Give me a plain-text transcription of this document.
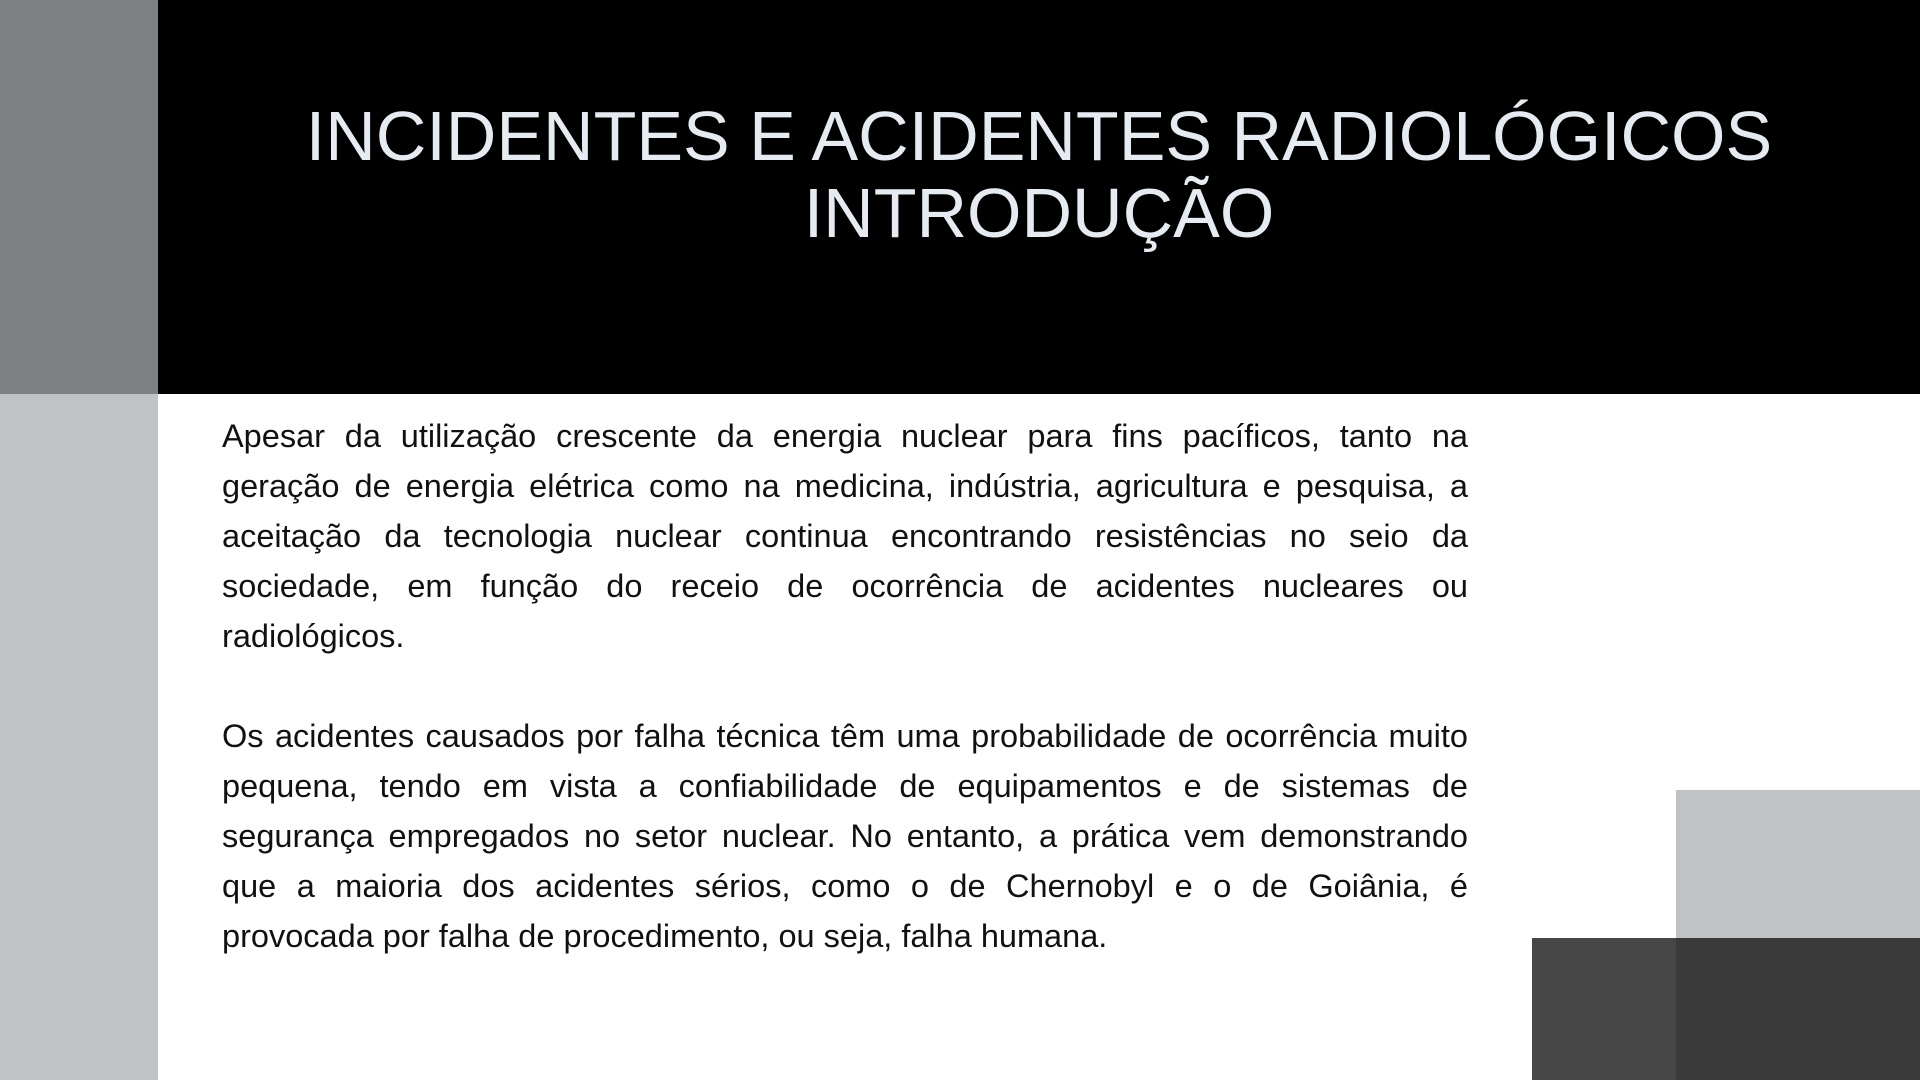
INCIDENTES E ACIDENTES RADIOLÓGICOS
INTRODUÇÃO

Apesar da utilização crescente da energia nuclear para fins pacíficos, tanto na geração de energia elétrica como na medicina, indústria, agricultura e pesquisa, a aceitação da tecnologia nuclear continua encontrando resistências no seio da sociedade, em função do receio de ocorrência de acidentes nucleares ou radiológicos.

Os acidentes causados por falha técnica têm uma probabilidade de ocorrência muito pequena, tendo em vista a confiabilidade de equipamentos e de sistemas de segurança empregados no setor nuclear. No entanto, a prática vem demonstrando que a maioria dos acidentes sérios, como o de Chernobyl e o de Goiânia, é provocada por falha de procedimento, ou seja, falha humana.
